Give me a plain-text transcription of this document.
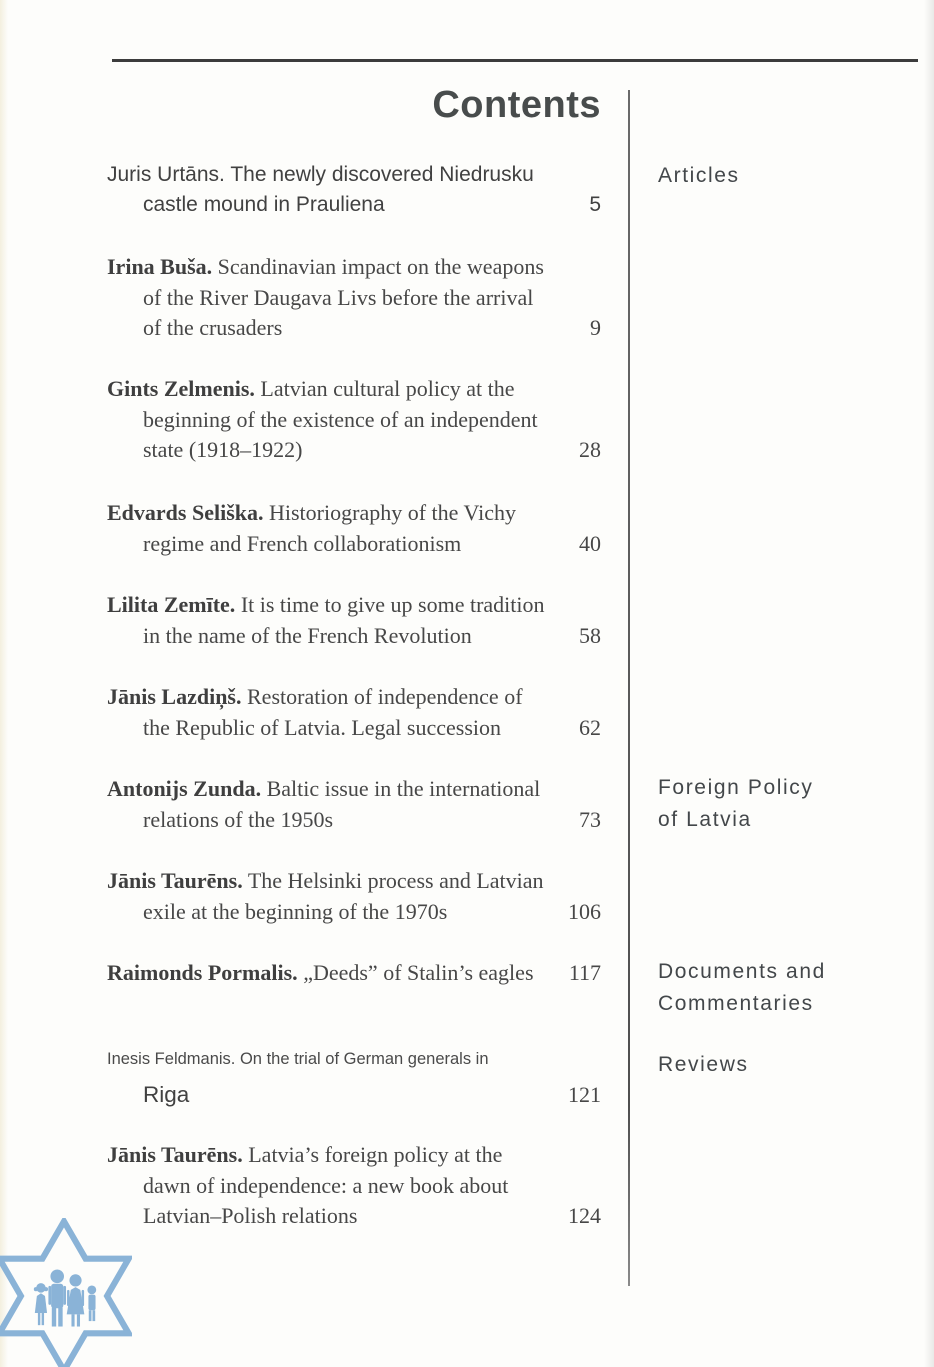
Contents
Juris Urtāns. The newly discovered Niedrusku
castle mound in Prauliena	5
Irina Buša. Scandinavian impact on the weapons
of the River Daugava Livs before the arrival
of the crusaders	9
Gints Zelmenis. Latvian cultural policy at the
beginning of the existence of an independent
state (1918–1922)	28
Edvards Seliška. Historiography of the Vichy
regime and French collaborationism	40
Lilita Zemīte. It is time to give up some tradition
in the name of the French Revolution	58
Jānis Lazdiņš. Restoration of independence of
the Republic of Latvia. Legal succession	62
Antonijs Zunda. Baltic issue in the international
relations of the 1950s	73
Jānis Taurēns. The Helsinki process and Latvian
exile at the beginning of the 1970s	106
Raimonds Pormalis. „Deeds” of Stalin’s eagles	117
Inesis Feldmanis. On the trial of German generals in
Riga	121
Jānis Taurēns. Latvia’s foreign policy at the
dawn of independence: a new book about
Latvian–Polish relations	124
Articles
Foreign Policy
of Latvia
Documents and
Commentaries
Reviews
